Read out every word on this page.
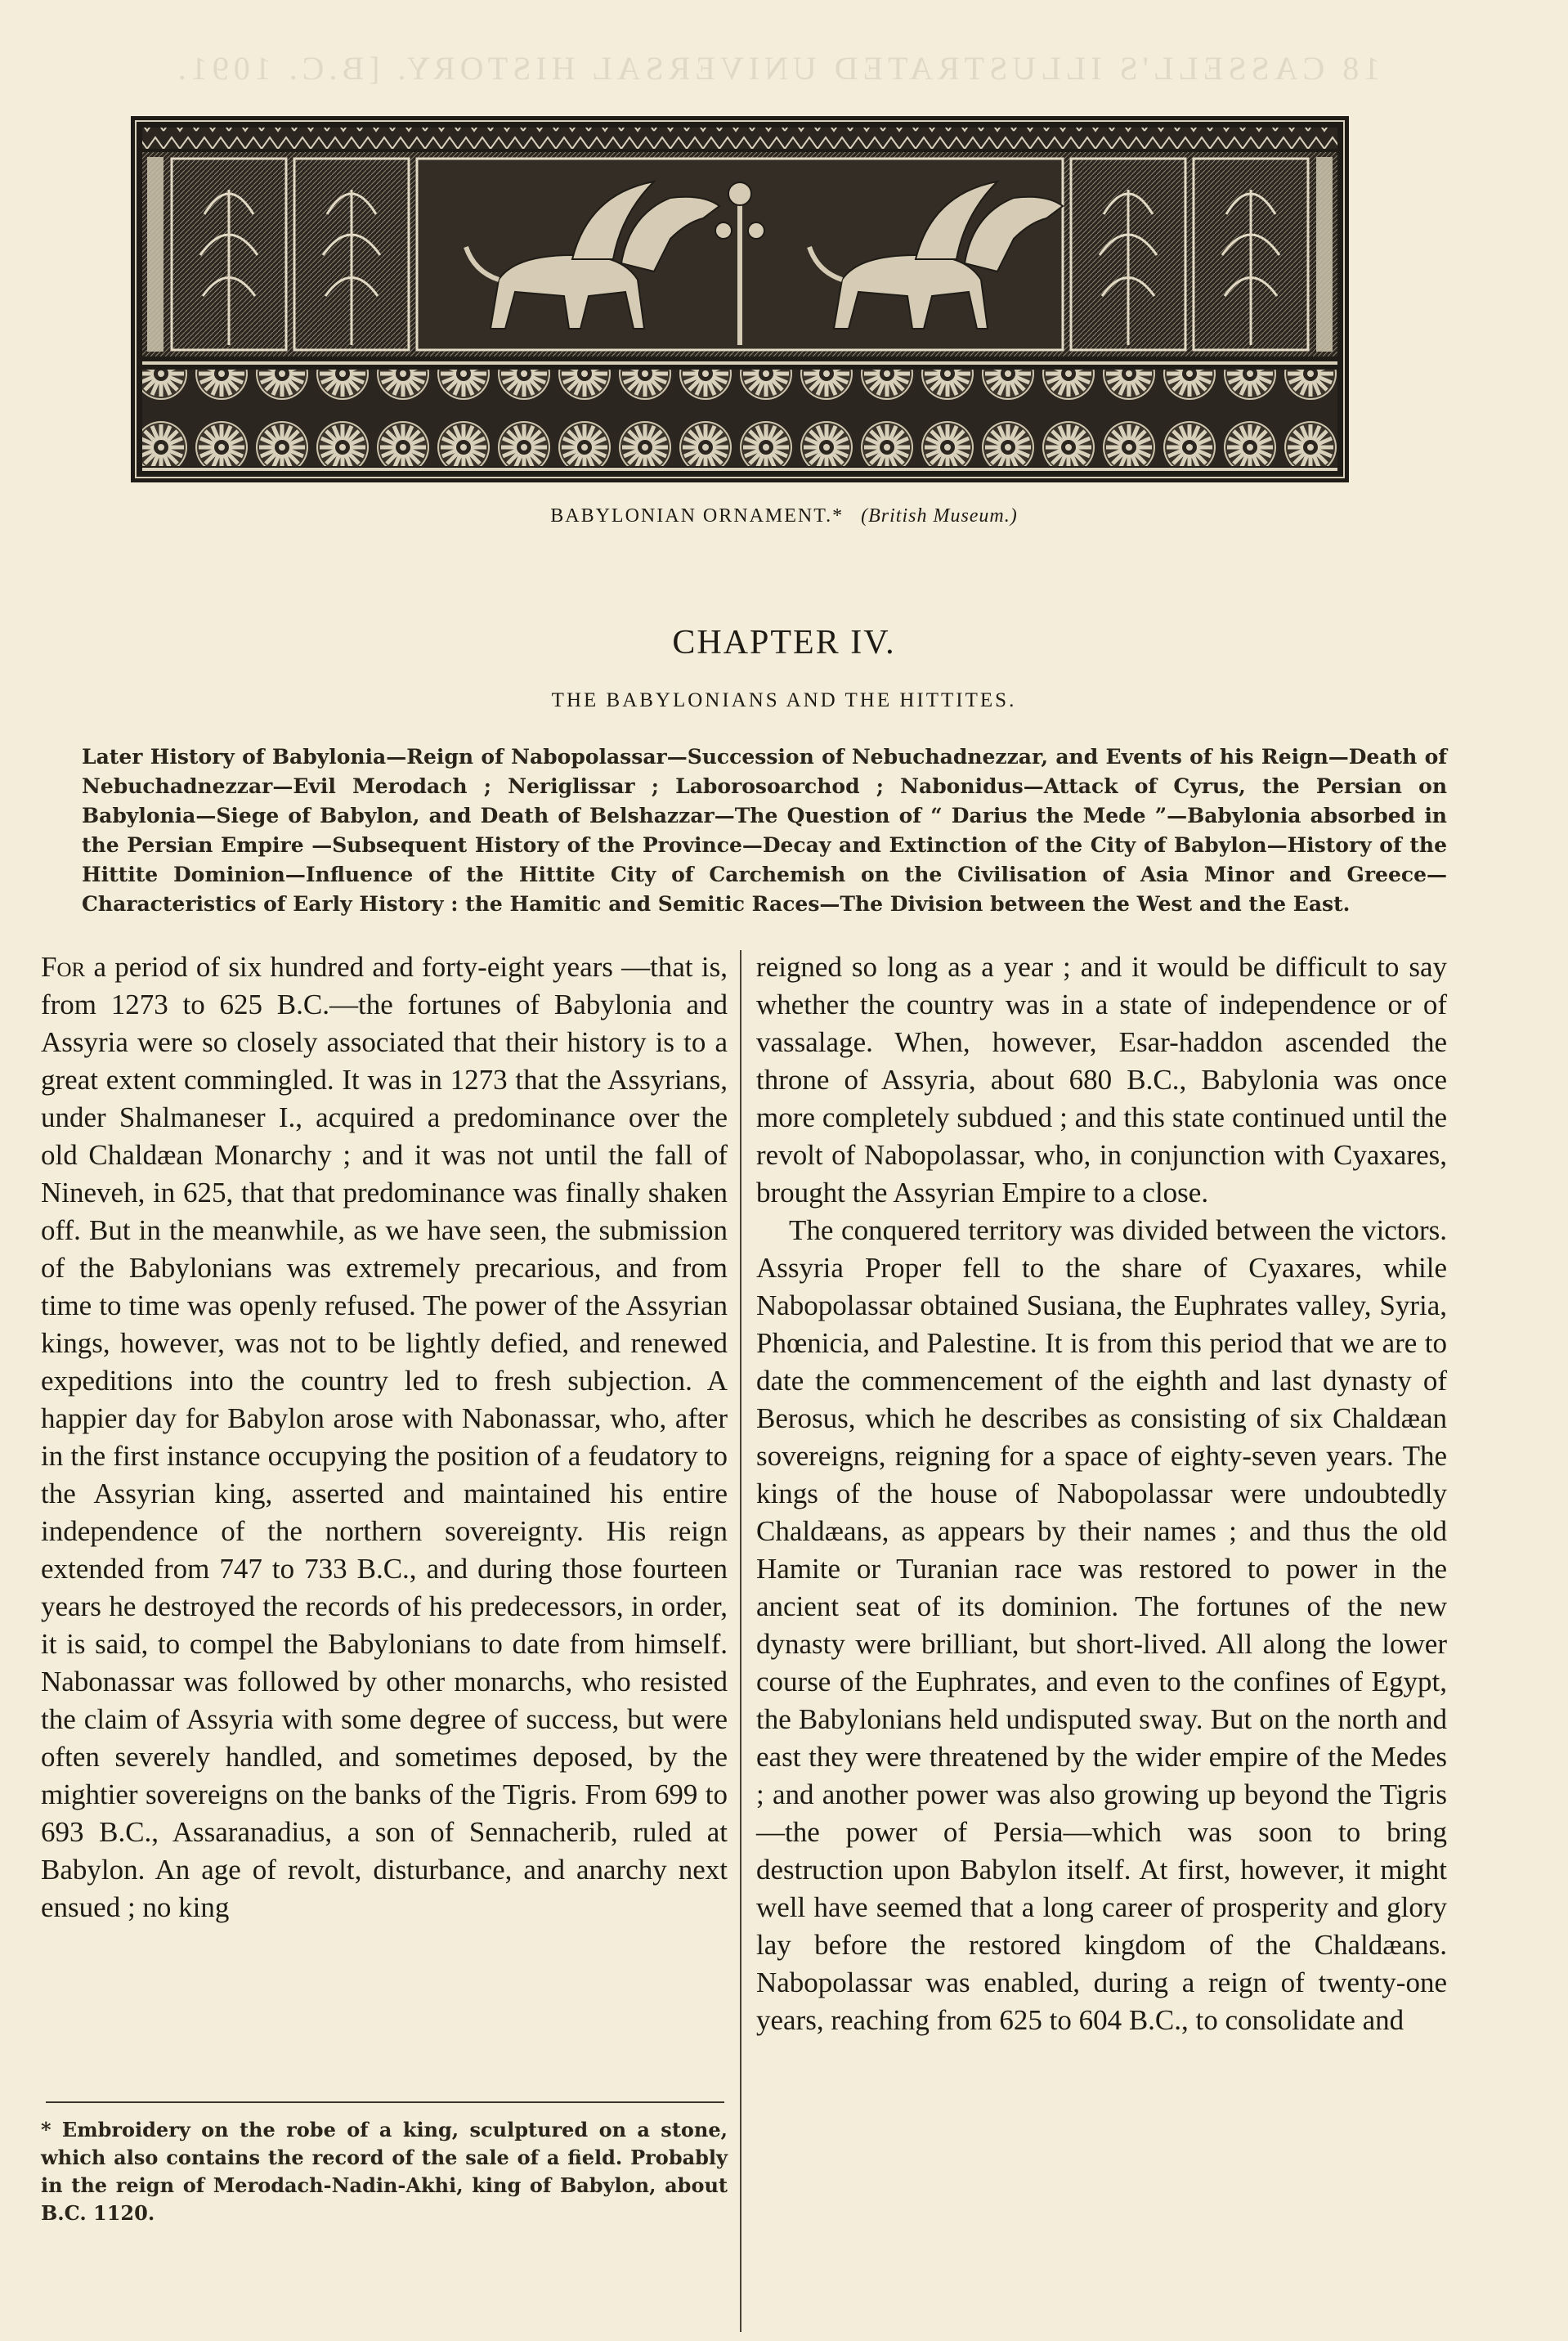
18 CASSELL'S ILLUSTRATED UNIVERSAL HISTORY. [B.C. 1091.
BABYLONIAN ORNAMENT.* (British Museum.)
CHAPTER IV.
THE BABYLONIANS AND THE HITTITES.
Later History of Babylonia—Reign of Nabopolassar—Succession of Nebuchadnezzar, and Events of his Reign—Death of Nebuchadnezzar—Evil Merodach ; Neriglissar ; Laborosoarchod ; Nabonidus—Attack of Cyrus, the Persian on Babylonia—Siege of Babylon, and Death of Belshazzar—The Question of “ Darius the Mede ”—Babylonia absorbed in the Persian Empire —Subsequent History of the Province—Decay and Extinction of the City of Babylon—History of the Hittite Dominion—Influence of the Hittite City of Carchemish on the Civilisation of Asia Minor and Greece—Characteristics of Early History : the Hamitic and Semitic Races—The Division between the West and the East.

For a period of six hundred and forty-eight years —that is, from 1273 to 625 B.C.—the fortunes of Babylonia and Assyria were so closely associated that their history is to a great extent commingled. It was in 1273 that the Assyrians, under Shalmaneser I., acquired a predominance over the old Chaldæan Monarchy ; and it was not until the fall of Nineveh, in 625, that that predominance was finally shaken off. But in the meanwhile, as we have seen, the submission of the Babylonians was extremely precarious, and from time to time was openly refused. The power of the Assyrian kings, however, was not to be lightly defied, and renewed expeditions into the country led to fresh subjection. A happier day for Babylon arose with Nabonassar, who, after in the first instance occupying the position of a feudatory to the Assyrian king, asserted and maintained his entire independence of the northern sovereignty. His reign extended from 747 to 733 B.C., and during those fourteen years he destroyed the records of his predecessors, in order, it is said, to compel the Babylonians to date from himself. Nabonassar was followed by other monarchs, who resisted the claim of Assyria with some degree of success, but were often severely handled, and sometimes deposed, by the mightier sovereigns on the banks of the Tigris. From 699 to 693 B.C., Assaranadius, a son of Sennacherib, ruled at Babylon. An age of revolt, disturbance, and anarchy next ensued ; no king

reigned so long as a year ; and it would be difficult to say whether the country was in a state of independence or of vassalage. When, however, Esar-haddon ascended the throne of Assyria, about 680 B.C., Babylonia was once more completely subdued ; and this state continued until the revolt of Nabopolassar, who, in conjunction with Cyaxares, brought the Assyrian Empire to a close.

The conquered territory was divided between the victors. Assyria Proper fell to the share of Cyaxares, while Nabopolassar obtained Susiana, the Euphrates valley, Syria, Phœnicia, and Palestine. It is from this period that we are to date the commencement of the eighth and last dynasty of Berosus, which he describes as consisting of six Chaldæan sovereigns, reigning for a space of eighty-seven years. The kings of the house of Nabopolassar were undoubtedly Chaldæans, as appears by their names ; and thus the old Hamite or Turanian race was restored to power in the ancient seat of its dominion. The fortunes of the new dynasty were brilliant, but short-lived. All along the lower course of the Euphrates, and even to the confines of Egypt, the Babylonians held undisputed sway. But on the north and east they were threatened by the wider empire of the Medes ; and another power was also growing up beyond the Tigris—the power of Persia—which was soon to bring destruction upon Babylon itself. At first, however, it might well have seemed that a long career of prosperity and glory lay before the restored kingdom of the Chaldæans. Nabopolassar was enabled, during a reign of twenty-one years, reaching from 625 to 604 B.C., to consolidate and

* Embroidery on the robe of a king, sculptured on a stone, which also contains the record of the sale of a field. Probably in the reign of Merodach-Nadin-Akhi, king of Babylon, about B.C. 1120.
